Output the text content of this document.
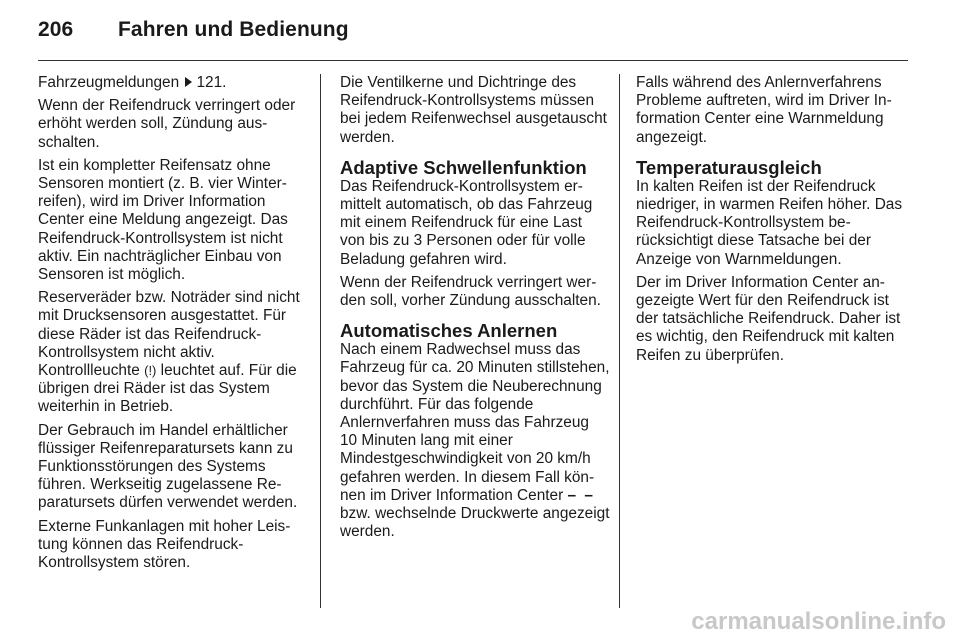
206 Fahren und Bedienung

Fahrzeugmeldungen 121.

Wenn der Reifendruck verringert oder erhöht werden soll, Zündung ausschalten.

Ist ein kompletter Reifensatz ohne Sensoren montiert (z. B. vier Winterreifen), wird im Driver Information Center eine Meldung angezeigt. Das Reifendruck-Kontrollsystem ist nicht aktiv. Ein nachträglicher Einbau von Sensoren ist möglich.

Reserveräder bzw. Noträder sind nicht mit Drucksensoren ausgestattet. Für diese Räder ist das Reifendruck-Kontrollsystem nicht aktiv. Kontrollleuchte (!) leuchtet auf. Für die übrigen drei Räder ist das System weiterhin in Betrieb.

Der Gebrauch im Handel erhältlicher flüssiger Reifenreparatursets kann zu Funktionsstörungen des Systems führen. Werkseitig zugelassene Reparatursets dürfen verwendet werden.

Externe Funkanlagen mit hoher Leistung können das Reifendruck-Kontrollsystem stören.

Die Ventilkerne und Dichtringe des Reifendruck-Kontrollsystems müssen bei jedem Reifenwechsel ausgetauscht werden.

Adaptive Schwellenfunktion

Das Reifendruck-Kontrollsystem ermittelt automatisch, ob das Fahrzeug mit einem Reifendruck für eine Last von bis zu 3 Personen oder für volle Beladung gefahren wird.

Wenn der Reifendruck verringert werden soll, vorher Zündung ausschalten.

Automatisches Anlernen

Nach einem Radwechsel muss das Fahrzeug für ca. 20 Minuten stillstehen, bevor das System die Neuberechnung durchführt. Für das folgende Anlernverfahren muss das Fahrzeug 10 Minuten lang mit einer Mindestgeschwindigkeit von 20 km/h gefahren werden. In diesem Fall können im Driver Information Center – – bzw. wechselnde Druckwerte angezeigt werden.

Falls während des Anlernverfahrens Probleme auftreten, wird im Driver Information Center eine Warnmeldung angezeigt.

Temperaturausgleich

In kalten Reifen ist der Reifendruck niedriger, in warmen Reifen höher. Das Reifendruck-Kontrollsystem berücksichtigt diese Tatsache bei der Anzeige von Warnmeldungen.

Der im Driver Information Center angezeigte Wert für den Reifendruck ist der tatsächliche Reifendruck. Daher ist es wichtig, den Reifendruck mit kalten Reifen zu überprüfen.

carmanualsonline.info
